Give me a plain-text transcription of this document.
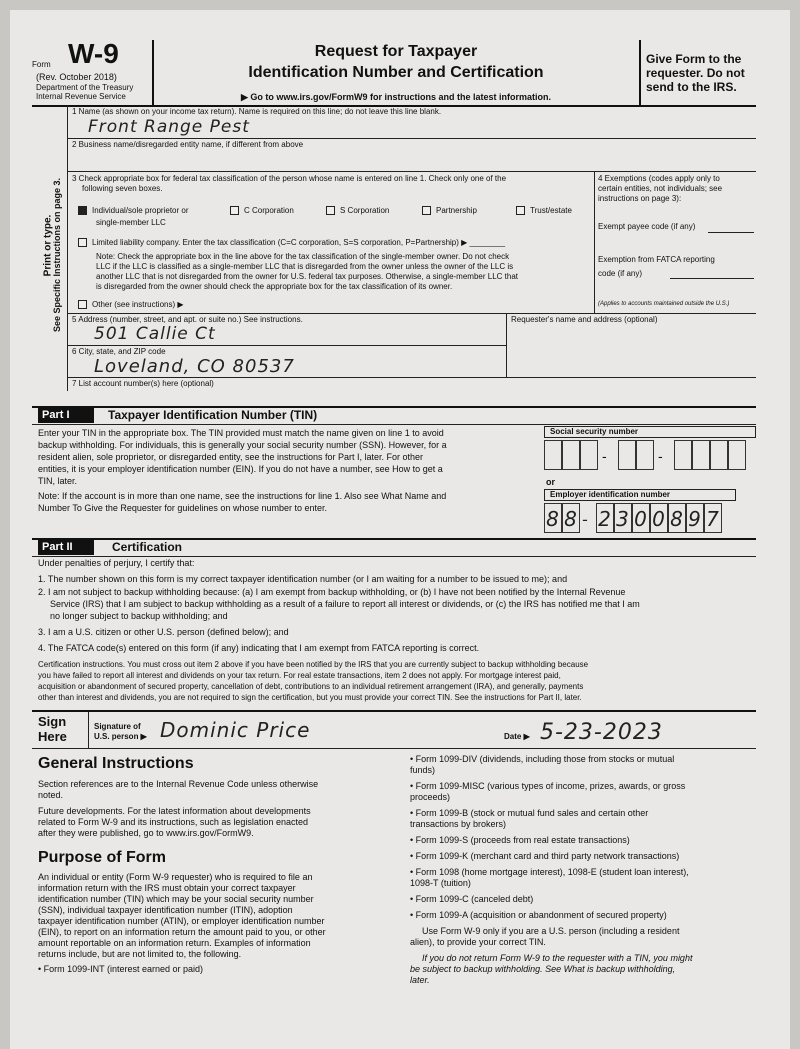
Form W-9
(Rev. October 2018)
Department of the Treasury
Internal Revenue Service
Request for Taxpayer
Identification Number and Certification
▶ Go to www.irs.gov/FormW9 for instructions and the latest information.
Give Form to the
requester. Do not
send to the IRS.
Print or type.
See Specific Instructions on page 3.
1 Name (as shown on your income tax return). Name is required on this line; do not leave this line blank.
Front Range Pest
2 Business name/disregarded entity name, if different from above
3 Check appropriate box for federal tax classification of the person whose name is entered on line 1. Check only one of the
following seven boxes.
Individual/sole proprietor or
single-member LLC
C Corporation	S Corporation	Partnership	Trust/estate
Limited liability company. Enter the tax classification (C=C corporation, S=S corporation, P=Partnership) ▶ ________
Note: Check the appropriate box in the line above for the tax classification of the single-member owner. Do not check
LLC if the LLC is classified as a single-member LLC that is disregarded from the owner unless the owner of the LLC is
another LLC that is not disregarded from the owner for U.S. federal tax purposes. Otherwise, a single-member LLC that
is disregarded from the owner should check the appropriate box for the tax classification of its owner.
Other (see instructions) ▶
4 Exemptions (codes apply only to
certain entities, not individuals; see
instructions on page 3):
Exempt payee code (if any)
Exemption from FATCA reporting
code (if any)
(Applies to accounts maintained outside the U.S.)
5 Address (number, street, and apt. or suite no.) See instructions.
501 Callie Ct
Requester's name and address (optional)
6 City, state, and ZIP code
Loveland, CO 80537
7 List account number(s) here (optional)
Part I	Taxpayer Identification Number (TIN)
Enter your TIN in the appropriate box. The TIN provided must match the name given on line 1 to avoid
backup withholding. For individuals, this is generally your social security number (SSN). However, for a
resident alien, sole proprietor, or disregarded entity, see the instructions for Part I, later. For other
entities, it is your employer identification number (EIN). If you do not have a number, see How to get a
TIN, later.
Note: If the account is in more than one name, see the instructions for line 1. Also see What Name and
Number To Give the Requester for guidelines on whose number to enter.
Social security number
-	-
or
Employer identification number
8 8 - 2 3 0 0 8 9 7
Part II	Certification
Under penalties of perjury, I certify that:
1. The number shown on this form is my correct taxpayer identification number (or I am waiting for a number to be issued to me); and
2. I am not subject to backup withholding because: (a) I am exempt from backup withholding, or (b) I have not been notified by the Internal Revenue
Service (IRS) that I am subject to backup withholding as a result of a failure to report all interest or dividends, or (c) the IRS has notified me that I am
no longer subject to backup withholding; and
3. I am a U.S. citizen or other U.S. person (defined below); and
4. The FATCA code(s) entered on this form (if any) indicating that I am exempt from FATCA reporting is correct.
Certification instructions. You must cross out item 2 above if you have been notified by the IRS that you are currently subject to backup withholding because
you have failed to report all interest and dividends on your tax return. For real estate transactions, item 2 does not apply. For mortgage interest paid,
acquisition or abandonment of secured property, cancellation of debt, contributions to an individual retirement arrangement (IRA), and generally, payments
other than interest and dividends, you are not required to sign the certification, but you must provide your correct TIN. See the instructions for Part II, later.
Sign
Here
Signature of
U.S. person ▶ Dominic Price	Date ▶ 5-23-2023
General Instructions
Section references are to the Internal Revenue Code unless otherwise
noted.
Future developments. For the latest information about developments
related to Form W-9 and its instructions, such as legislation enacted
after they were published, go to www.irs.gov/FormW9.
Purpose of Form
An individual or entity (Form W-9 requester) who is required to file an
information return with the IRS must obtain your correct taxpayer
identification number (TIN) which may be your social security number
(SSN), individual taxpayer identification number (ITIN), adoption
taxpayer identification number (ATIN), or employer identification number
(EIN), to report on an information return the amount paid to you, or other
amount reportable on an information return. Examples of information
returns include, but are not limited to, the following.
• Form 1099-INT (interest earned or paid)
• Form 1099-DIV (dividends, including those from stocks or mutual
funds)
• Form 1099-MISC (various types of income, prizes, awards, or gross
proceeds)
• Form 1099-B (stock or mutual fund sales and certain other
transactions by brokers)
• Form 1099-S (proceeds from real estate transactions)
• Form 1099-K (merchant card and third party network transactions)
• Form 1098 (home mortgage interest), 1098-E (student loan interest),
1098-T (tuition)
• Form 1099-C (canceled debt)
• Form 1099-A (acquisition or abandonment of secured property)
Use Form W-9 only if you are a U.S. person (including a resident
alien), to provide your correct TIN.
If you do not return Form W-9 to the requester with a TIN, you might
be subject to backup withholding. See What is backup withholding,
later.
